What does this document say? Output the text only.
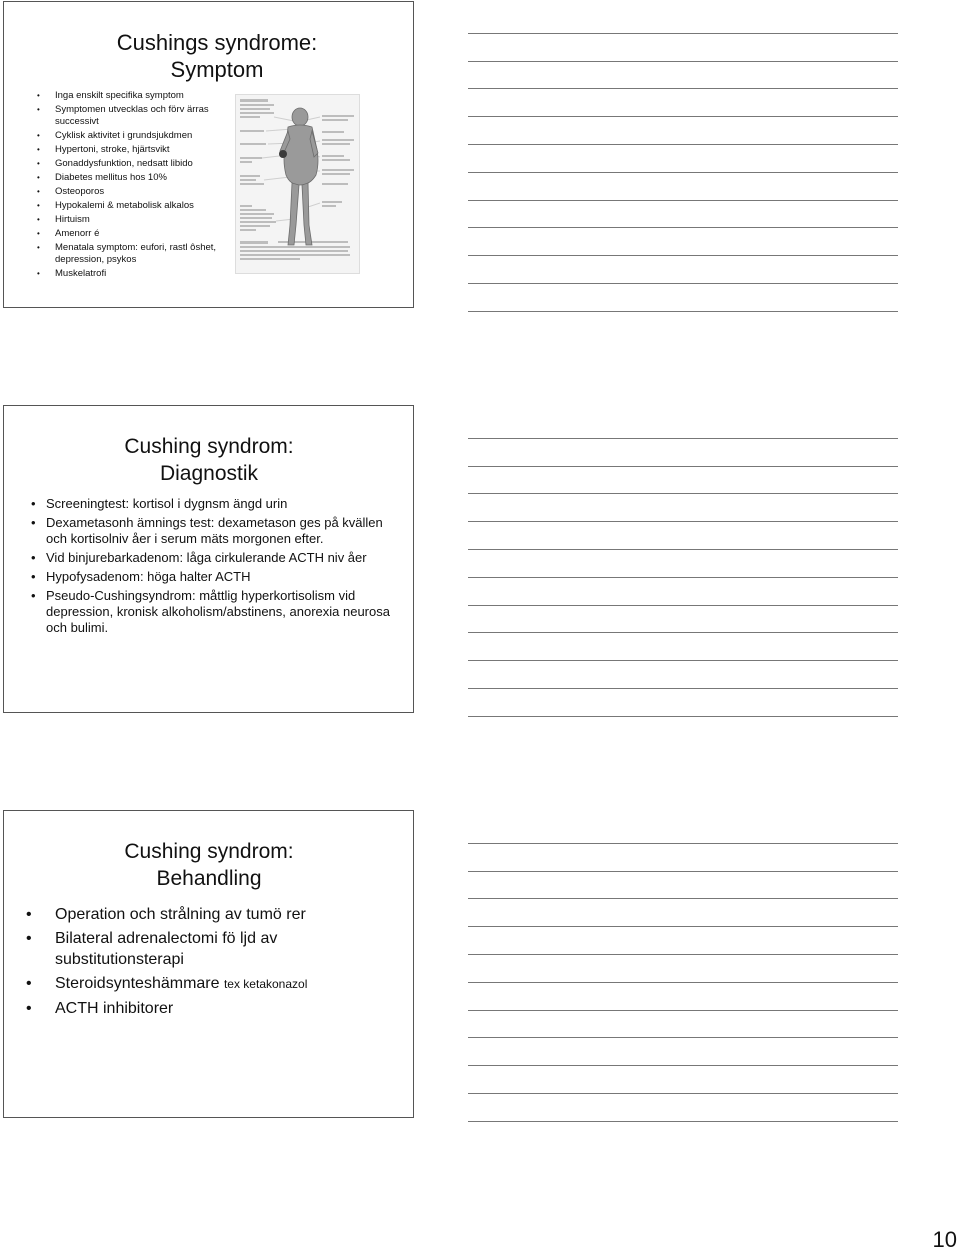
Cushings syndrome:
Symptom
• Inga enskilt specifika symptom
• Symptomen utvecklas och förv ärras successivt
• Cyklisk aktivitet i grundsjukdmen
• Hypertoni, stroke, hjärtsvikt
• Gonaddysfunktion, nedsatt libido
• Diabetes mellitus hos 10%
• Osteoporos
• Hypokalemi & metabolisk alkalos
• Hirtuism
• Amenorr é
• Menatala symptom: eufori, rastl ôshet, depression, psykos
• Muskelatrofi
Cushing syndrom:
Diagnostik
• Screeningtest: kortisol i dygnsm ängd urin
• Dexametasonh ämnings test: dexametason ges på kvällen och kortisolniv åer i serum mäts morgonen efter.
• Vid binjurebarkadenom: låga cirkulerande ACTH niv åer
• Hypofysadenom: höga halter ACTH
• Pseudo-Cushingsyndrom: måttlig hyperkortisolism vid depression, kronisk alkoholism/abstinens, anorexia neurosa och bulimi.
Cushing syndrom:
Behandling
• Operation och strålning av tumö rer
• Bilateral adrenalectomi fö ljd av substitutionsterapi
• Steroidsynteshämmare tex ketakonazol
• ACTH inhibitorer
10
